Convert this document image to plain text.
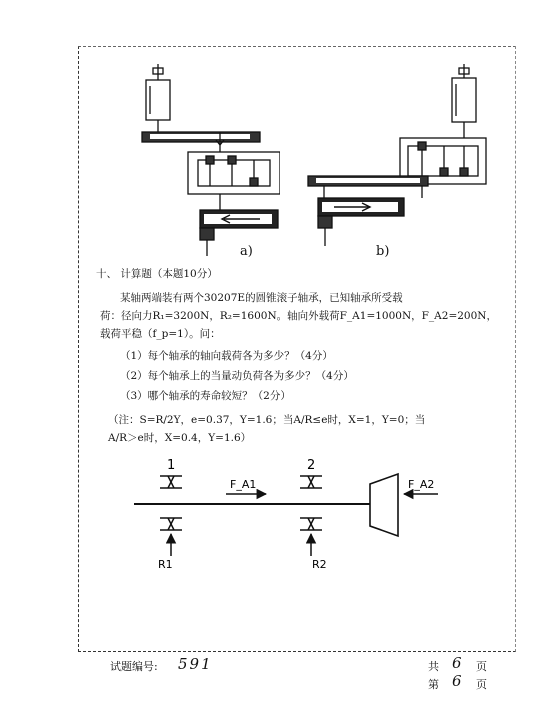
a)	b)
十、 计算题（本题10分）
某轴两端装有两个30207E的圆锥滚子轴承，已知轴承所受载
荷：径向力R₁=3200N，R₂=1600N。轴向外载荷F_A1=1000N，F_A2=200N，
载荷平稳（f_p=1）。问：
（1）每个轴承的轴向载荷各为多少？（4分）
（2）每个轴承上的当量动负荷各为多少？（4分）
（3）哪个轴承的寿命较短？（2分）
（注：S=R/2Y，e=0.37，Y=1.6；当A/R≤e时，X=1，Y=0；当
A/R＞e时，X=0.4，Y=1.6）
1	2
F_A1	F_A2
R1	R2
试题编号: 591	共 6 页
第 6 页
